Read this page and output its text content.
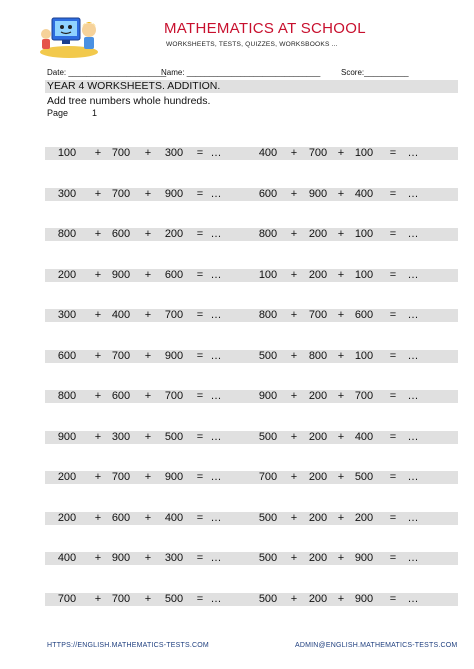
MATHEMATICS AT SCHOOL
WORKSHEETS, TESTS, QUIZZES, WORKSBOOKS ...
Date: ______________________
Name: ______________________________	Score:__________
YEAR 4 WORKSHEETS. ADDITION.
Add tree numbers whole hundreds.
Page	1
100	+ 700	+	300	= …	400	+	700 + 100	= …
300	+ 700	+	900	= …	600	+	900 + 400	= …
800	+ 600	+	200	= …	800	+	200 + 100	= …
200	+ 900	+	600	= …	100	+	200 + 100	= …
300	+ 400	+	700	= …	800	+	700 + 600	= …
600	+ 700	+	900	= …	500	+	800 + 100	= …
800	+ 600	+	700	= …	900	+	200 + 700	= …
900	+ 300	+	500	= …	500	+	200 + 400	= …
200	+ 700	+	900	= …	700	+	200 + 500	= …
200	+ 600	+	400	= …	500	+	200 + 200	= …
400	+ 900	+	300	= …	500	+	200 + 900	= …
700	+ 700	+	500	= …	500	+	200 + 900	= …
HTTPS://ENGLISH.MATHEMATICS-TESTS.COM	ADMIN@ENGLISH.MATHEMATICS-TESTS.COM
